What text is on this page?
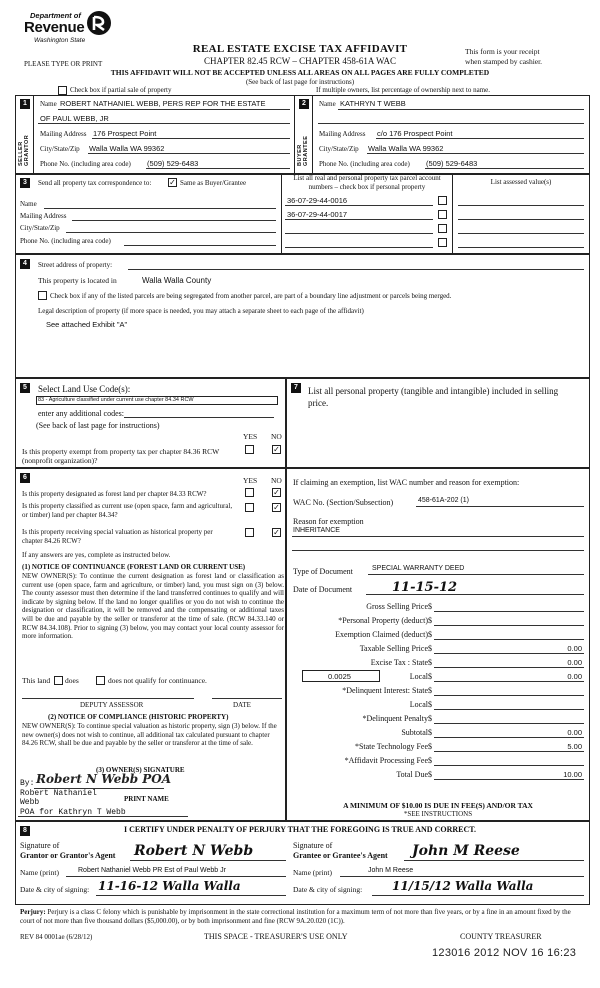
Department of
Revenue
Washington State
REAL ESTATE EXCISE TAX AFFIDAVIT
CHAPTER 82.45 RCW – CHAPTER 458-61A WAC
This form is your receipt
when stamped by cashier.
PLEASE TYPE OR PRINT
THIS AFFIDAVIT WILL NOT BE ACCEPTED UNLESS ALL AREAS ON ALL PAGES ARE FULLY COMPLETED
(See back of last page for instructions)
Check box if partial sale of property	If multiple owners, list percentage of ownership next to name.
1
SELLER GRANTOR
Name ROBERT NATHANIEL WEBB, PERS REP FOR THE ESTATE
OF PAUL WEBB, JR
Mailing Address 176 Prospect Point
City/State/Zip Walla Walla WA 99362
Phone No. (including area code) (509) 529-6483
2
BUYER GRANTEE
Name KATHRYN T WEBB
Mailing Address c/o 176 Prospect Point
City/State/Zip Walla Walla WA 99362
Phone No. (including area code) (509) 529-6483
3	Send all property tax correspondence to: ✓ Same as Buyer/Grantee
Name
Mailing Address
City/State/Zip
Phone No. (including area code)
List all real and personal property tax parcel account numbers – check box if personal property
List assessed value(s)
36-07-29-44-0016
36-07-29-44-0017
4	Street address of property:
This property is located in	Walla Walla County
Check box if any of the listed parcels are being segregated from another parcel, are part of a boundary line adjustment or parcels being merged.
Legal description of property (if more space is needed, you may attach a separate sheet to each page of the affidavit)
See attached Exhibit "A"
5	Select Land Use Code(s):
83 - Agriculture classified under current use chapter 84.34 RCW
enter any additional codes:
(See back of last page for instructions)
YES NO
Is this property exempt from property tax per chapter 84.36 RCW (nonprofit organization)?
✓
7	List all personal property (tangible and intangible) included in selling price.
6	YES NO
Is this property designated as forest land per chapter 84.33 RCW?	✓
Is this property classified as current use (open space, farm and agricultural, or timber) land per chapter 84.34?
✓
Is this property receiving special valuation as historical property per chapter 84.26 RCW?
✓
If any answers are yes, complete as instructed below.
(1) NOTICE OF CONTINUANCE (FOREST LAND OR CURRENT USE)
NEW OWNER(S): To continue the current designation as forest land or classification as current use (open space, farm and agriculture, or timber) land, you must sign on (3) below. The county assessor must then determine if the land transferred continues to qualify and will indicate by signing below. If the land no longer qualifies or you do not wish to continue the designation or classification, it will be removed and the compensating or additional taxes will be due and payable by the seller or transferor at the time of sale. (RCW 84.33.140 or RCW 84.34.108). Prior to signing (3) below, you may contact your local county assessor for more information.
This land does	does not qualify for continuance.
DEPUTY ASSESSOR	DATE
(2) NOTICE OF COMPLIANCE (HISTORIC PROPERTY)
NEW OWNER(S): To continue special valuation as historic property, sign (3) below. If the new owner(s) does not wish to continue, all additional tax calculated pursuant to chapter 84.26 RCW, shall be due and payable by the seller or transferor at the time of sale.
(3) OWNER(S) SIGNATURE
By: Robert N Webb POA
Robert Nathaniel
Webb
POA for Kathryn T Webb
PRINT NAME
If claiming an exemption, list WAC number and reason for exemption:
WAC No. (Section/Subsection)	458-61A-202 (1)
Reason for exemption
INHERITANCE
Type of Document	SPECIAL WARRANTY DEED
Date of Document	11-15-12
Gross Selling Price $
*Personal Property (deduct) $
Exemption Claimed (deduct) $
Taxable Selling Price $	0.00
Excise Tax : State $	0.00
0.0025	Local $	0.00
*Delinquent Interest: State $
Local $
*Delinquent Penalty $
Subtotal $	0.00
*State Technology Fee $	5.00
*Affidavit Processing Fee $
Total Due $	10.00
A MINIMUM OF $10.00 IS DUE IN FEE(S) AND/OR TAX
*SEE INSTRUCTIONS
8	I CERTIFY UNDER PENALTY OF PERJURY THAT THE FOREGOING IS TRUE AND CORRECT.
Signature of
Grantor or Grantor's Agent Robert N Webb	Signature of
Grantee or Grantee's Agent John M Reese
Name (print)	Robert Nathaniel Webb PR Est of Paul Webb Jr	Name (print)	John M Reese
Date & city of signing: 11-16-12 Walla Walla	Date & city of signing: 11/15/12 Walla Walla
Perjury: Perjury is a class C felony which is punishable by imprisonment in the state correctional institution for a maximum term of not more than five years, or by a fine in an amount fixed by the court of not more than five thousand dollars ($5,000.00), or by both imprisonment and fine (RCW 9A.20.020 (1C)).
REV 84 0001ae (6/28/12)	THIS SPACE - TREASURER'S USE ONLY	COUNTY TREASURER
123016 2012 NOV 16 16:23
